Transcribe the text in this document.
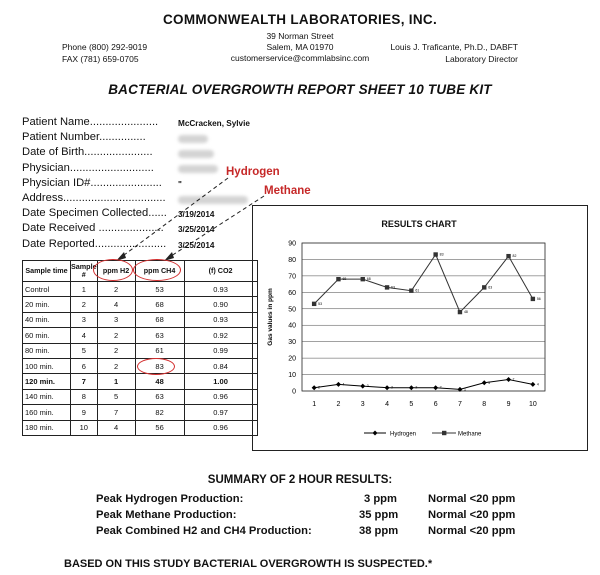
COMMONWEALTH LABORATORIES, INC.
39 Norman Street
Salem, MA 01970
customerservice@commlabsinc.com
Phone (800) 292-9019
FAX (781) 659-0705
Louis J. Traficante, Ph.D., DABFT
Laboratory Director
BACTERIAL OVERGROWTH REPORT SHEET 10 TUBE KIT
Patient Name...................... McCracken, Sylvie
Patient Number...............
Date of Birth......................
Physician...........................
Physician ID#....................... "
Address.................................
Date Specimen Collected...... 3/19/2014
Date Received ..................... 3/25/2014
Date Reported....................... 3/25/2014
Hydrogen
Methane
Sample time	Sample #	ppm H2	ppm CH4	(f) CO2
Control	1	2	53	0.93
20 min.	2	4	68	0.90
40 min.	3	3	68	0.93
60 min.	4	2	63	0.92
80 min.	5	2	61	0.99
100 min.	6	2	83	0.84
120 min.	7	1	48	1.00
140 min.	8	5	63	0.96
160 min.	9	7	82	0.97
180 min.	10	4	56	0.96
RESULTS CHART
0
10
20
30
40
50
60
70
80
90
1	2	3	4	5	6	7	8	9	10
Gas values in ppm
2
4	3	2	2	2	1
5
7
4
53
68	68
63
61
83
48
63
82
56
Hydrogen	Methane
SUMMARY OF 2 HOUR RESULTS:
Peak Hydrogen Production:	3 ppm	Normal <20 ppm
Peak Methane Production:	35 ppm	Normal <20 ppm
Peak Combined H2 and CH4 Production:	38 ppm	Normal <20 ppm
BASED ON THIS STUDY BACTERIAL OVERGROWTH IS SUSPECTED.*
